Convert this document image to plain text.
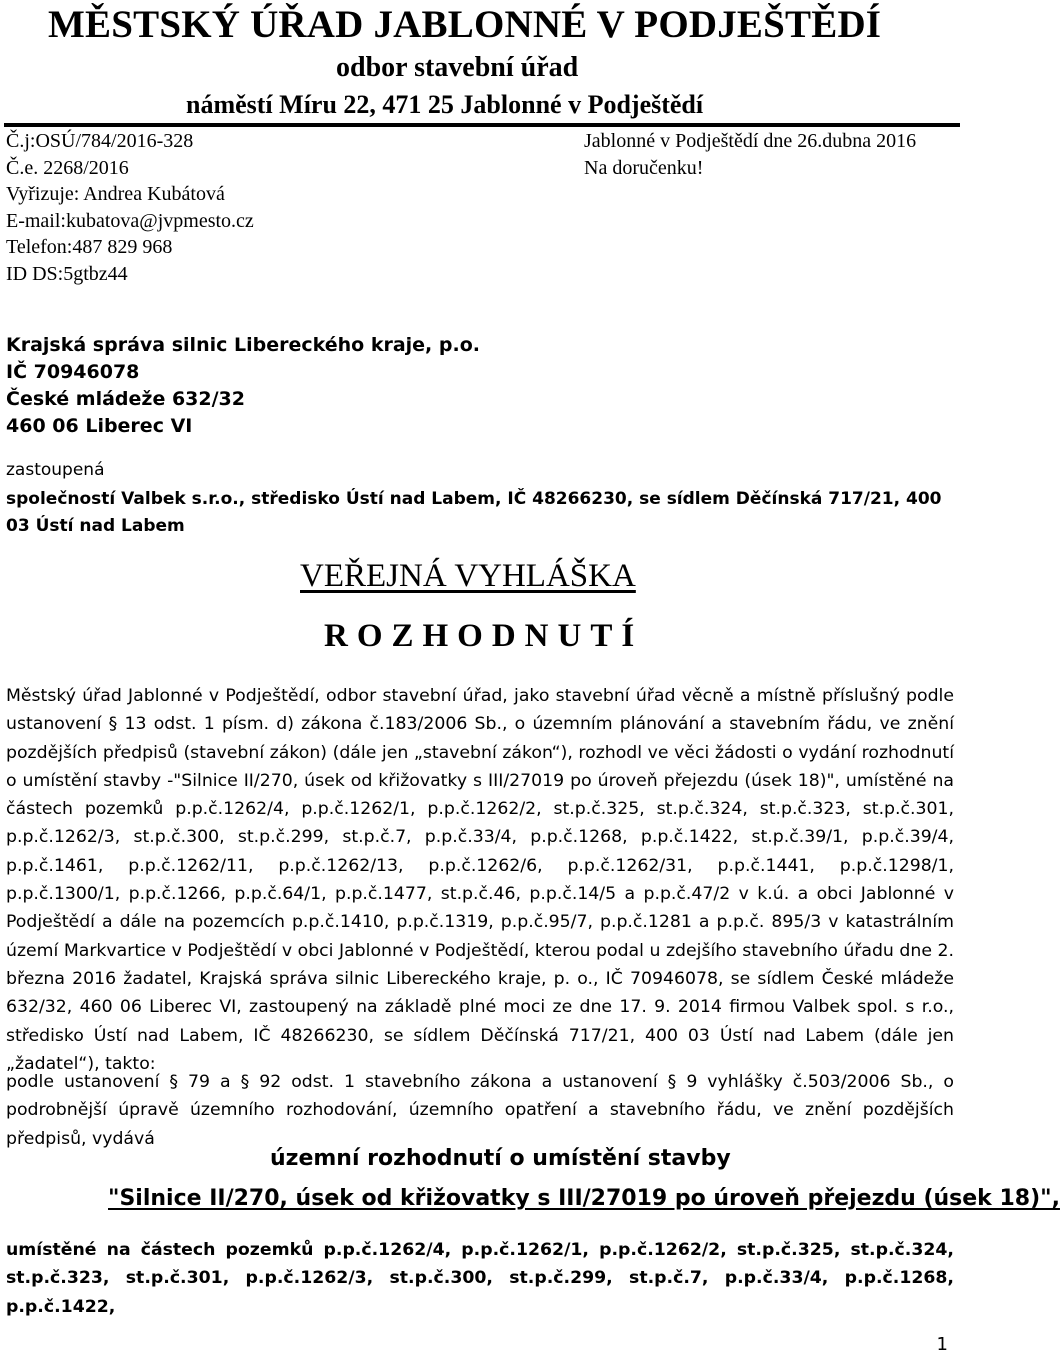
MĚSTSKÝ ÚŘAD JABLONNÉ V PODJEŠTĚDÍ
odbor stavební úřad
náměstí Míru 22, 471 25 Jablonné v Podještědí
Č.j:OSÚ/784/2016-328
Č.e. 2268/2016
Vyřizuje: Andrea Kubátová
E-mail:kubatova@jvpmesto.cz
Telefon:487 829 968
ID DS:5gtbz44
Jablonné v Podještědí dne 26.dubna 2016
Na doručenku!
Krajská správa silnic Libereckého kraje, p.o.
IČ 70946078
České mládeže 632/32
460 06 Liberec VI
zastoupená
společností Valbek s.r.o., středisko Ústí nad Labem, IČ 48266230, se sídlem Děčínská 717/21, 400 03 Ústí nad Labem
VEŘEJNÁ VYHLÁŠKA
ROZHODNUTÍ
Městský úřad Jablonné v Podještědí, odbor stavební úřad, jako stavební úřad věcně a místně příslušný podle ustanovení § 13 odst. 1 písm. d) zákona č.183/2006 Sb., o územním plánování a stavebním řádu, ve znění pozdějších předpisů (stavební zákon) (dále jen „stavební zákon“), rozhodl ve věci žádosti o vydání rozhodnutí o umístění stavby -"Silnice II/270, úsek od křižovatky s III/27019 po úroveň přejezdu (úsek 18)", umístěné na částech pozemků p.p.č.1262/4, p.p.č.1262/1, p.p.č.1262/2, st.p.č.325, st.p.č.324, st.p.č.323, st.p.č.301, p.p.č.1262/3, st.p.č.300, st.p.č.299, st.p.č.7, p.p.č.33/4, p.p.č.1268, p.p.č.1422, st.p.č.39/1, p.p.č.39/4, p.p.č.1461, p.p.č.1262/11, p.p.č.1262/13, p.p.č.1262/6, p.p.č.1262/31, p.p.č.1441, p.p.č.1298/1, p.p.č.1300/1, p.p.č.1266, p.p.č.64/1, p.p.č.1477, st.p.č.46, p.p.č.14/5 a p.p.č.47/2 v k.ú. a obci Jablonné v Podještědí a dále na pozemcích p.p.č.1410, p.p.č.1319, p.p.č.95/7, p.p.č.1281 a p.p.č. 895/3 v katastrálním území Markvartice v Podještědí v obci Jablonné v Podještědí, kterou podal u zdejšího stavebního úřadu dne 2. března 2016 žadatel, Krajská správa silnic Libereckého kraje, p. o., IČ 70946078, se sídlem České mládeže 632/32, 460 06 Liberec VI, zastoupený na základě plné moci ze dne 17. 9. 2014 firmou Valbek spol. s r.o., středisko Ústí nad Labem, IČ 48266230, se sídlem Děčínská 717/21, 400 03 Ústí nad Labem (dále jen „žadatel“), takto:
podle ustanovení § 79 a § 92 odst. 1 stavebního zákona a ustanovení § 9 vyhlášky č.503/2006 Sb., o podrobnější úpravě územního rozhodování, územního opatření a stavebního řádu, ve znění pozdějších předpisů, vydává
územní rozhodnutí o umístění stavby
"Silnice II/270, úsek od křižovatky s III/27019 po úroveň přejezdu (úsek 18)",
umístěné na částech pozemků p.p.č.1262/4, p.p.č.1262/1, p.p.č.1262/2, st.p.č.325, st.p.č.324, st.p.č.323, st.p.č.301, p.p.č.1262/3, st.p.č.300, st.p.č.299, st.p.č.7, p.p.č.33/4, p.p.č.1268, p.p.č.1422,
1
